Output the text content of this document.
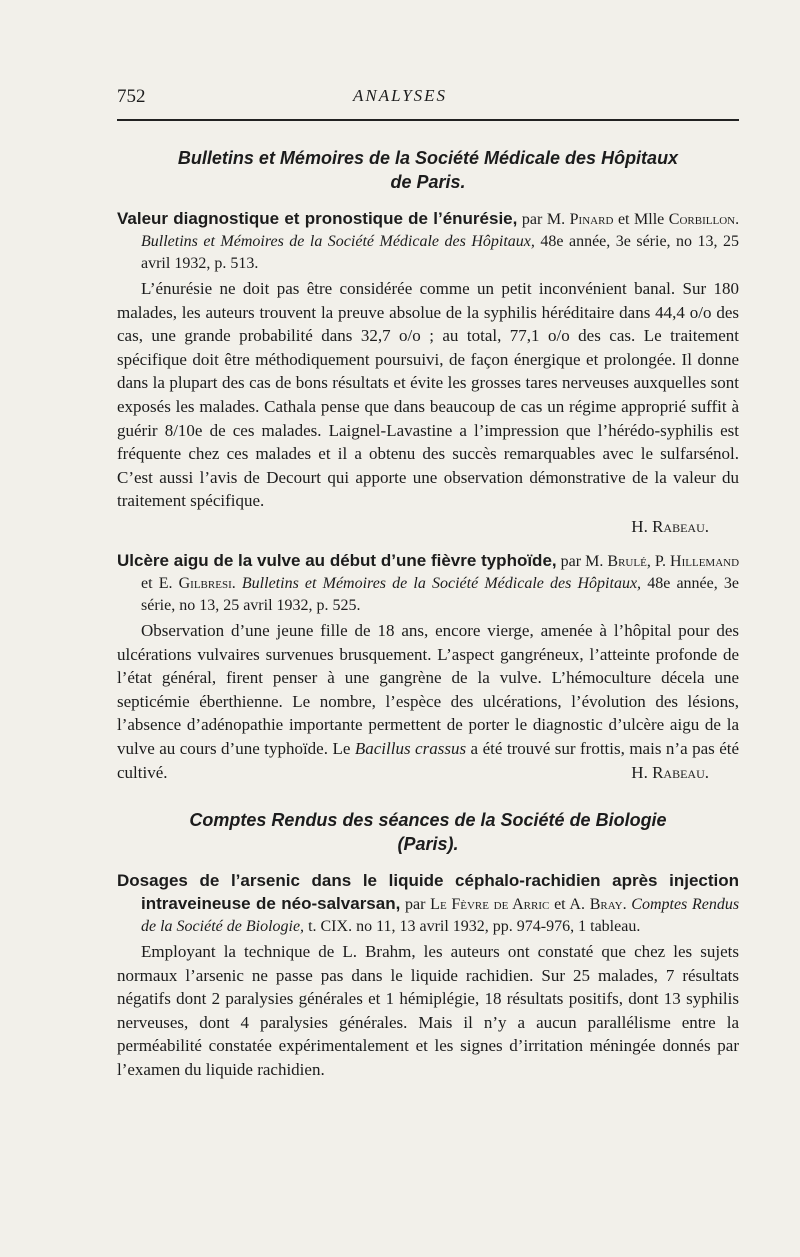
752	ANALYSES
Bulletins et Mémoires de la Société Médicale des Hôpitaux
de Paris.

Valeur diagnostique et pronostique de l’énurésie, par M. Pinard et Mlle Corbillon. Bulletins et Mémoires de la Société Médicale des Hôpitaux, 48e année, 3e série, no 13, 25 avril 1932, p. 513.

L’énurésie ne doit pas être considérée comme un petit inconvénient banal. Sur 180 malades, les auteurs trouvent la preuve absolue de la syphilis héréditaire dans 44,4 o/o des cas, une grande probabilité dans 32,7 o/o ; au total, 77,1 o/o des cas. Le traitement spécifique doit être méthodiquement poursuivi, de façon énergique et prolongée. Il donne dans la plupart des cas de bons résultats et évite les grosses tares nerveuses auxquelles sont exposés les malades. Cathala pense que dans beaucoup de cas un régime approprié suffit à guérir 8/10e de ces malades. Laignel-Lavastine a l’impression que l’hérédo-syphilis est fréquente chez ces malades et il a obtenu des succès remarquables avec le sulfarsénol. C’est aussi l’avis de Decourt qui apporte une observation démonstrative de la valeur du traitement spécifique.

H. Rabeau.

Ulcère aigu de la vulve au début d’une fièvre typhoïde, par M. Brulé, P. Hillemand et E. Gilbresi. Bulletins et Mémoires de la Société Médicale des Hôpitaux, 48e année, 3e série, no 13, 25 avril 1932, p. 525.

Observation d’une jeune fille de 18 ans, encore vierge, amenée à l’hôpital pour des ulcérations vulvaires survenues brusquement. L’aspect gangréneux, l’atteinte profonde de l’état général, firent penser à une gangrène de la vulve. L’hémoculture décela une septicémie éberthienne. Le nombre, l’espèce des ulcérations, l’évolution des lésions, l’absence d’adénopathie importante permettent de porter le diagnostic d’ulcère aigu de la vulve au cours d’une typhoïde. Le Bacillus crassus a été trouvé sur frottis, mais n’a pas été cultivé.	H. Rabeau.

Comptes Rendus des séances de la Société de Biologie
(Paris).

Dosages de l’arsenic dans le liquide céphalo-rachidien après injection intraveineuse de néo-salvarsan, par Le Fèvre de Arric et A. Bray. Comptes Rendus de la Société de Biologie, t. CIX. no 11, 13 avril 1932, pp. 974-976, 1 tableau.

Employant la technique de L. Brahm, les auteurs ont constaté que chez les sujets normaux l’arsenic ne passe pas dans le liquide rachidien. Sur 25 malades, 7 résultats négatifs dont 2 paralysies générales et 1 hémiplégie, 18 résultats positifs, dont 13 syphilis nerveuses, dont 4 paralysies générales. Mais il n’y a aucun parallélisme entre la perméabilité constatée expérimentalement et les signes d’irritation méningée donnés par l’examen du liquide rachidien.
